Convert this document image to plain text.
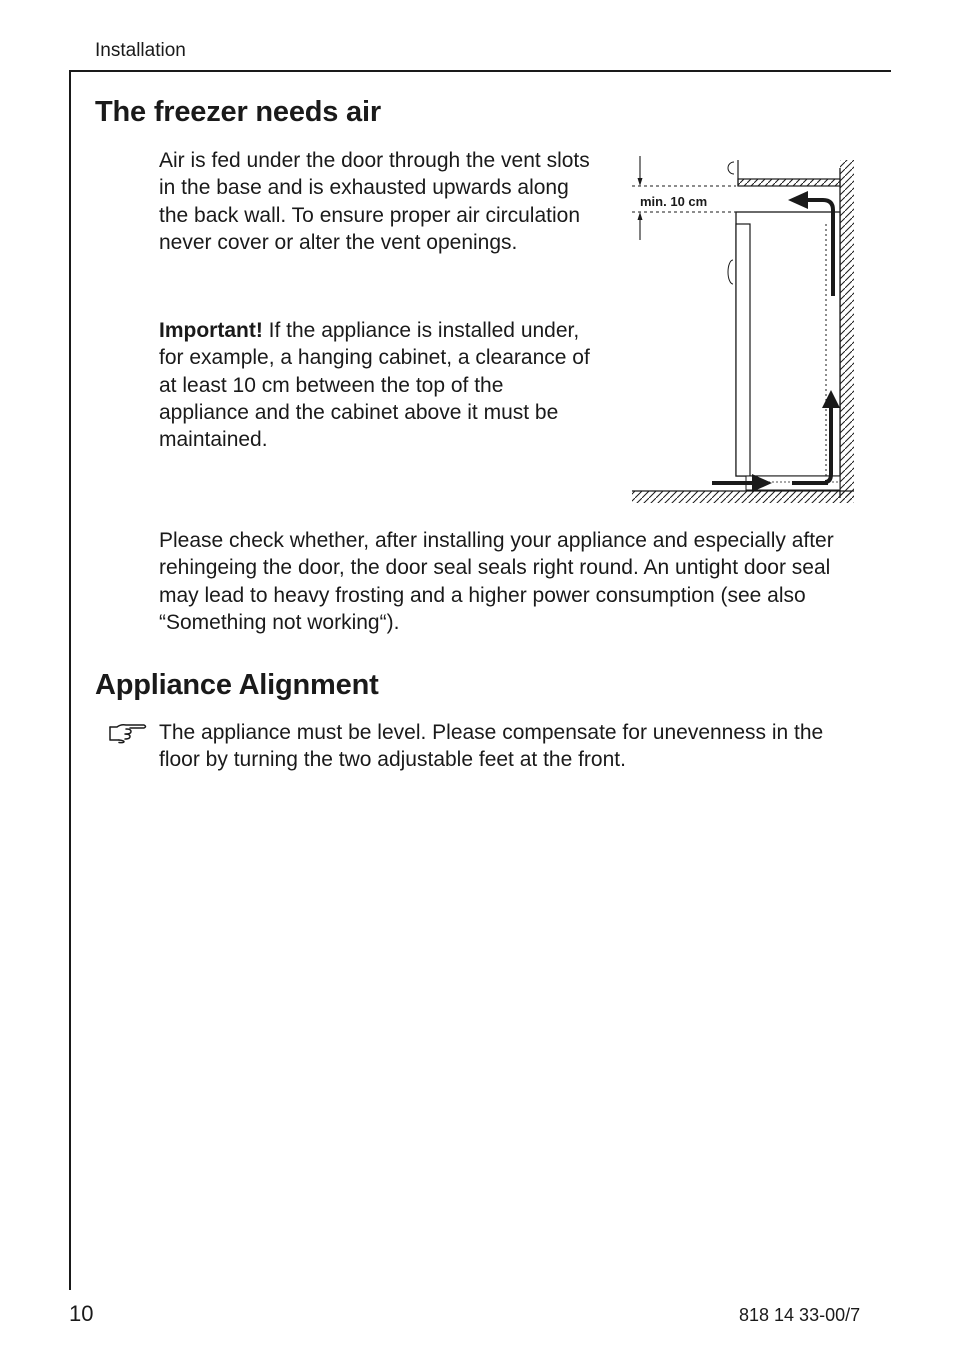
Installation
The freezer needs air

Air is fed under the door through the vent slots in the base and is exhausted upwards along the back wall. To ensure proper air circulation never cover or alter the vent openings.

Important! If the appliance is installed under, for example, a hanging cabinet, a clearance of at least 10 cm between the top of the appliance and the cabinet above it must be maintained.

min. 10 cm

Please check whether, after installing your appliance and especially after rehingeing the door, the door seal seals right round. An untight door seal may lead to heavy frosting and a higher power consumption (see also “Something not working“).

Appliance Alignment

The appliance must be level. Please compensate for unevenness in the floor by turning the two adjustable feet at the front.

10	818 14 33-00/7
